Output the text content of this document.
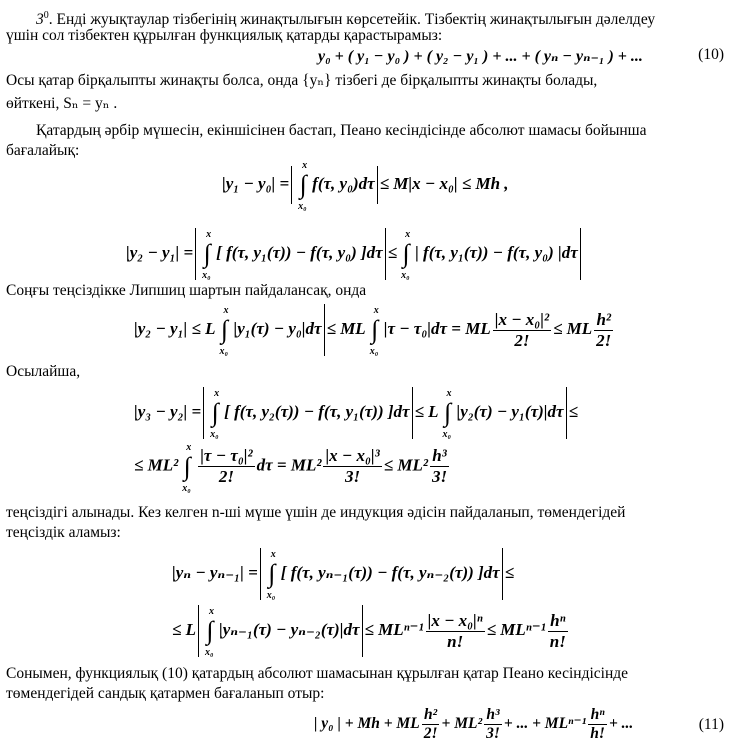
$3^0$. Енді жуықтаулар тізбегінің жинақтылығын көрсетейік. Тізбектің жинақтылығын дәлелдеу
үшін сол тізбектен құрылған функциялық қатарды қарастырамыз:
y₀ + ( y₁ − y₀ ) + ( y₂ − y₁ ) + ... + ( yₙ − yₙ₋₁ ) + ...	(10)
Осы қатар бірқалыпты жинақты болса, онда {yₙ} тізбегі де бірқалыпты жинақты болады,
өйткені, Sₙ = yₙ .
Қатардың әрбір мүшесін, екіншісінен бастап, Пеано кесіндісінде абсолют шамасы бойынша
бағалайық:
|y₁ − y₀| =
x
∫
x₀
f(τ, y₀)dτ ≤ M|x − x₀| ≤ Mh ,
|y₂ − y₁| =
x
∫
x₀
[ f(τ, y₁(τ)) − f(τ, y₀) ]dτ ≤
x
∫
x₀
| f(τ, y₁(τ)) − f(τ, y₀) |dτ
Соңғы теңсіздікке Липшиц шартын пайдалансақ, онда
|y₂ − y₁| ≤ L
x
∫
x₀
|y₁(τ) − y₀|dτ ≤ ML
x
∫
x₀
|τ − τ₀|dτ = ML $\frac{\text{|x − x₀|²}}{2!}$ ≤ ML $\frac{\text{h²}}{2!}$
Осылайша,
|y₃ − y₂| =
x
∫
x₀
[ f(τ, y₂(τ)) − f(τ, y₁(τ)) ]dτ ≤ L
x
∫
x₀
|y₂(τ) − y₁(τ)|dτ ≤
≤ ML²
x
∫
x₀
$\frac{\text{|τ − τ₀|²}}{2!}$ $d\tau = ML^2 \frac{\text{|x − x₀|³}}{3!} \le ML^2 \frac{\text{h³}}{3!}$
теңсіздігі алынады. Кез келген n-ші мүше үшін де индукция әдісін пайдаланып, төмендегідей
теңсіздік аламыз:
|yₙ − yₙ₋₁| =
x
∫
x₀
[ f(τ, yₙ₋₁(τ)) − f(τ, yₙ₋₂(τ)) ]dτ ≤
≤ L
x
∫
x₀
$|y_{n-1}(\tau) - y_{n-2}(\tau)|d\tau \le ML^{n-1} \frac{\text{|x − x₀|ⁿ}}{n!} \le ML^{n-1} \frac{\text{hⁿ}}{n!}$
Сонымен, функциялық (10) қатардың абсолют шамасынан құрылған қатар Пеано кесіндісінде
төмендегідей сандық қатармен бағаланып отыр:
| y₀ | + Mh + ML $\frac{\text{h²}}{2!} + ML^2 \frac{\text{h³}}{3!}$ + ... + $ML^{n-1} \frac{\text{hⁿ}}{h!}$ + ...	(11)
